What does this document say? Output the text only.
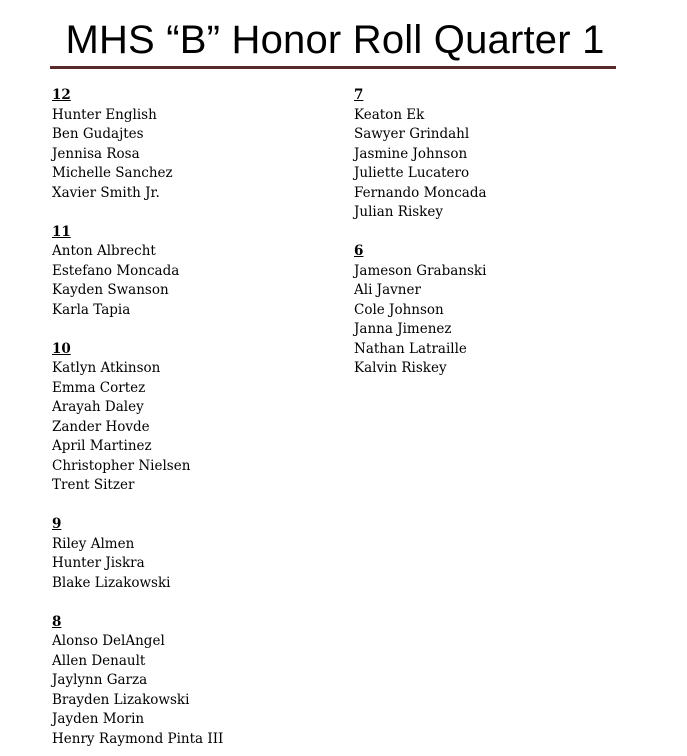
MHS “B” Honor Roll Quarter 1
12
Hunter English
Ben Gudajtes
Jennisa Rosa
Michelle Sanchez
Xavier Smith Jr.
11
Anton Albrecht
Estefano Moncada
Kayden Swanson
Karla Tapia
10
Katlyn Atkinson
Emma Cortez
Arayah Daley
Zander Hovde
April Martinez
Christopher Nielsen
Trent Sitzer
9
Riley Almen
Hunter Jiskra
Blake Lizakowski
8
Alonso DelAngel
Allen Denault
Jaylynn Garza
Brayden Lizakowski
Jayden Morin
Henry Raymond Pinta III
7
Keaton Ek
Sawyer Grindahl
Jasmine Johnson
Juliette Lucatero
Fernando Moncada
Julian Riskey
6
Jameson Grabanski
Ali Javner
Cole Johnson
Janna Jimenez
Nathan Latraille
Kalvin Riskey
